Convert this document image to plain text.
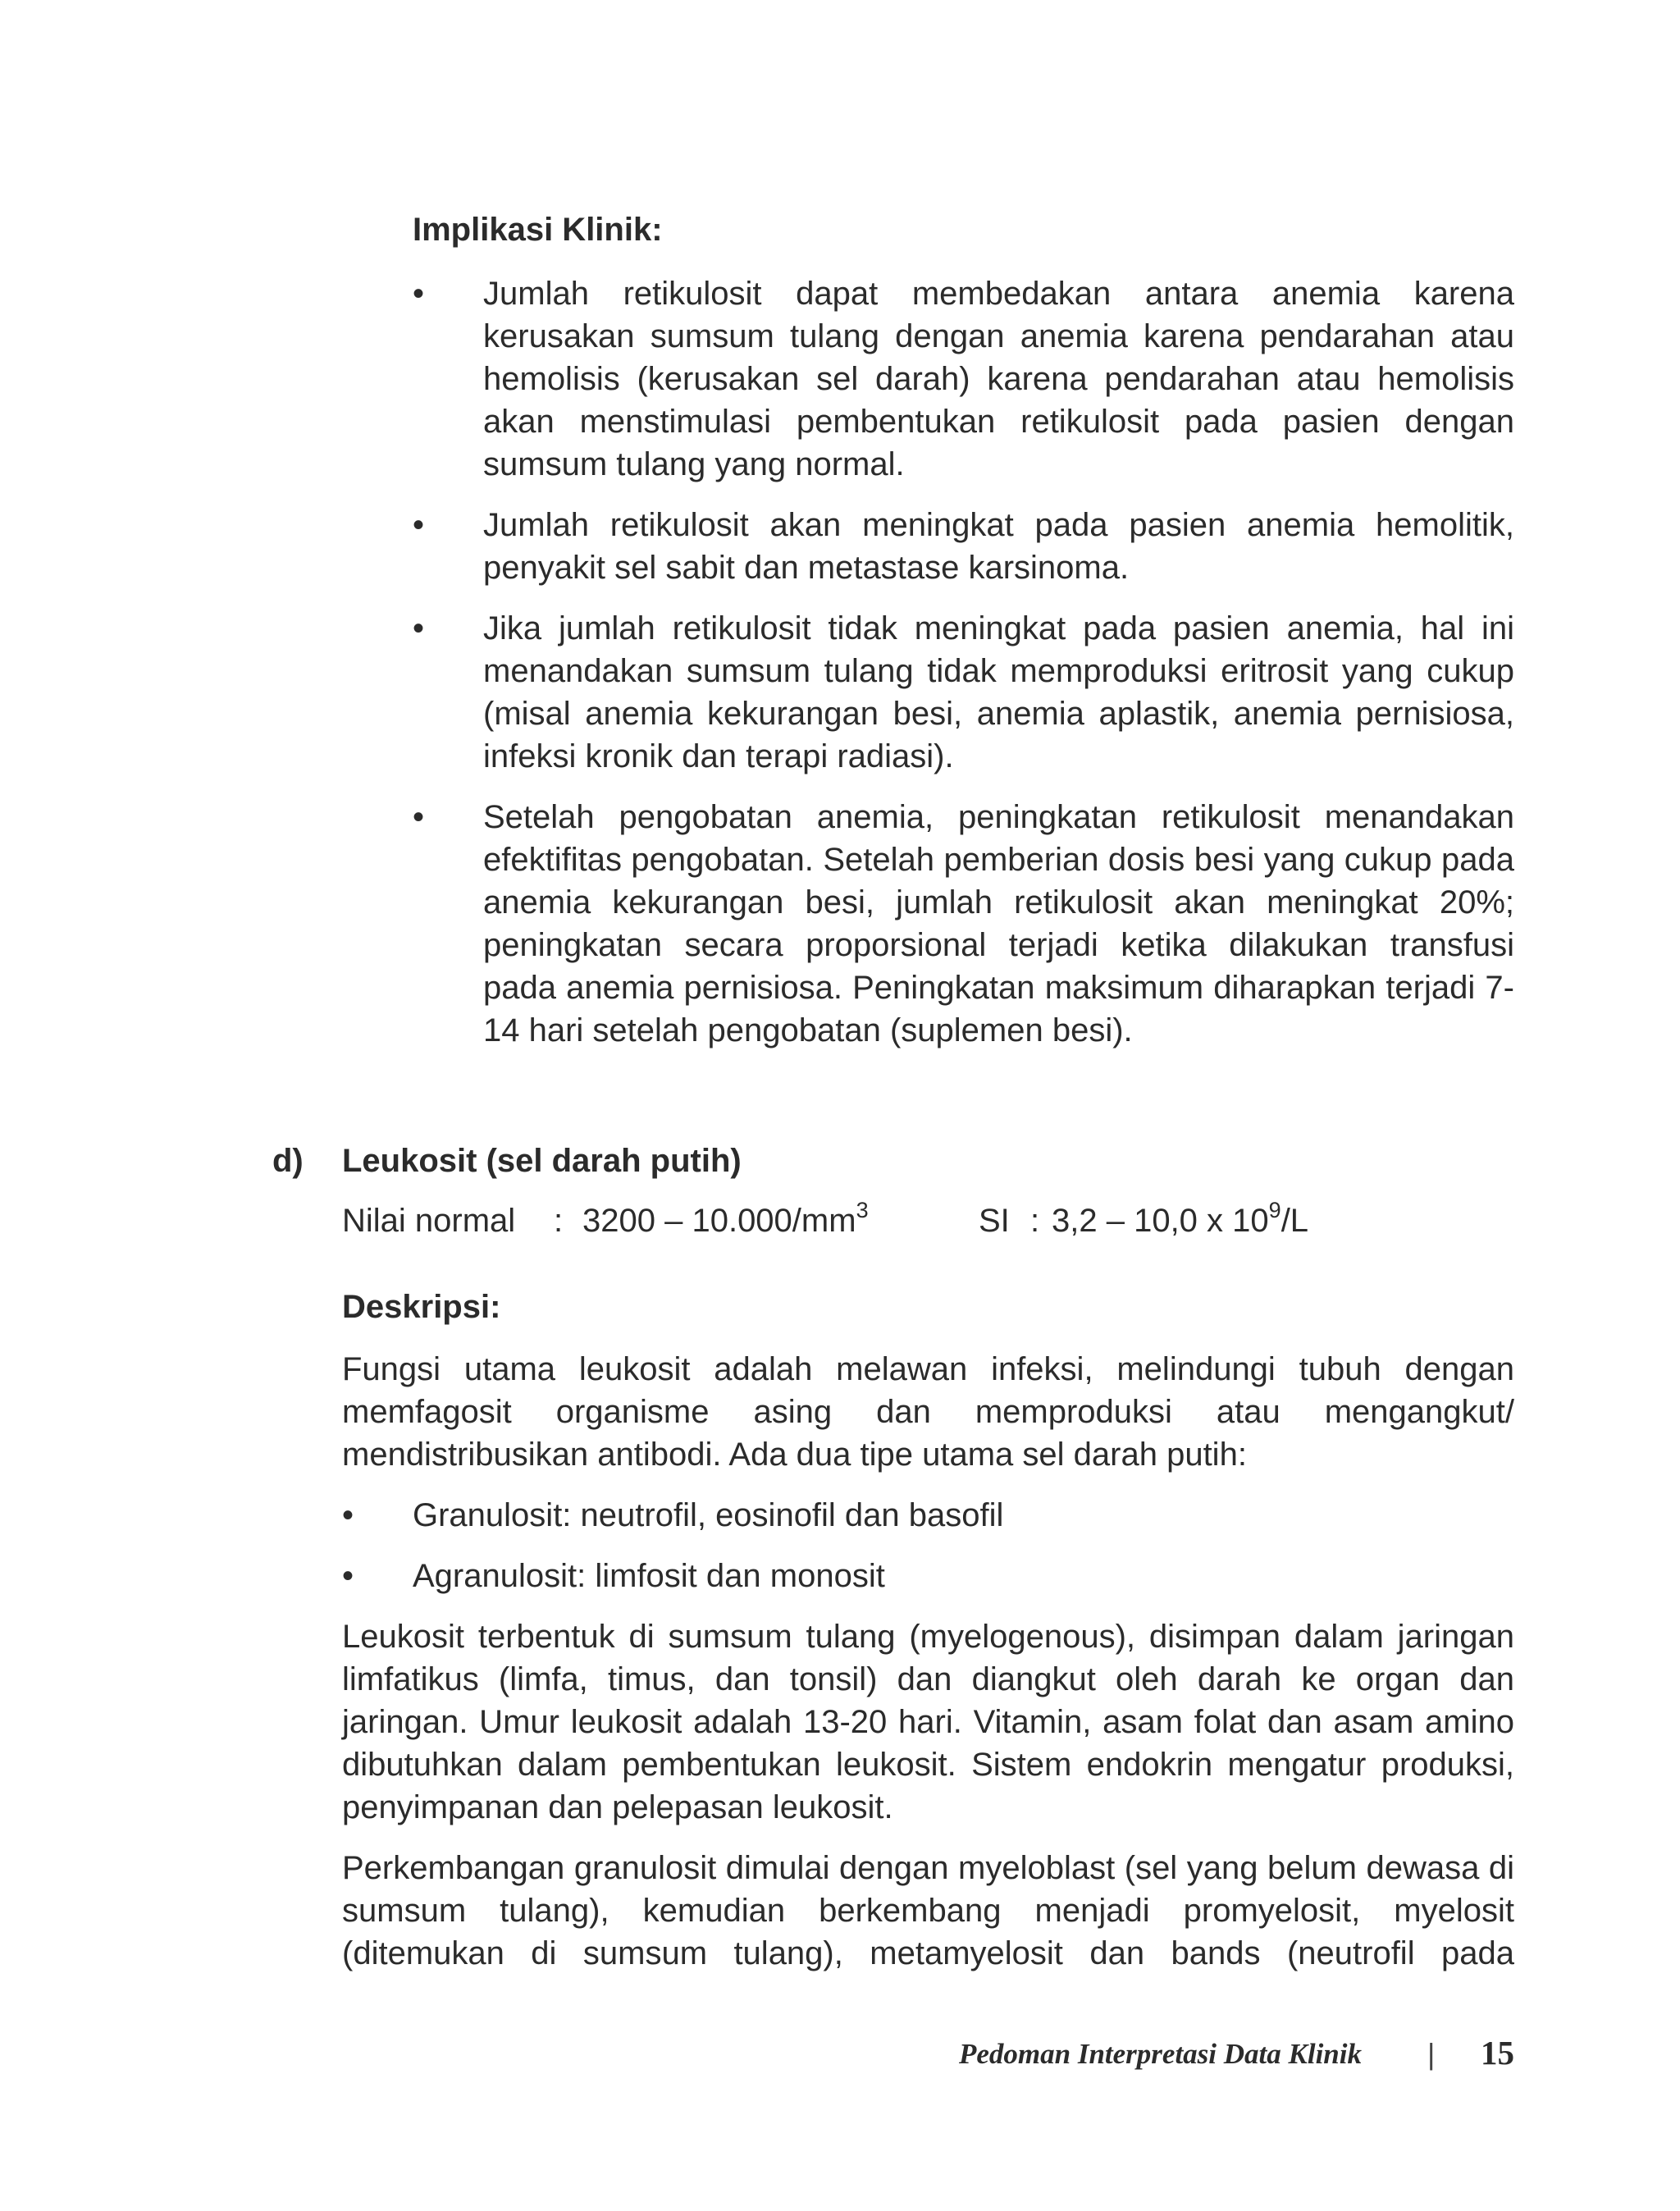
Implikasi Klinik:
• Jumlah retikulosit dapat membedakan antara anemia karena kerusakan sumsum tulang dengan anemia karena pendarahan atau hemolisis (kerusakan sel darah) karena pendarahan atau hemolisis akan menstimulasi pembentukan retikulosit pada pasien dengan sumsum tulang yang normal.

• Jumlah retikulosit akan meningkat pada pasien anemia hemolitik, penyakit sel sabit dan metastase karsinoma.

• Jika jumlah retikulosit tidak meningkat pada pasien anemia, hal ini menandakan sumsum tulang tidak memproduksi eritrosit yang cukup (misal anemia kekurangan besi, anemia aplastik, anemia pernisiosa, infeksi kronik dan terapi radiasi).

• Setelah pengobatan anemia, peningkatan retikulosit menandakan efektifitas pengobatan. Setelah pemberian dosis besi yang cukup pada anemia kekurangan besi, jumlah retikulosit akan meningkat 20%; peningkatan secara proporsional terjadi ketika dilakukan transfusi pada anemia pernisiosa. Peningkatan maksimum diharapkan terjadi 7-14 hari setelah pengobatan (suplemen besi).

d) Leukosit (sel darah putih)
Nilai normal : $3200 - 10.000/mm^3$	SI : 3,2 – 10,0 x $10^9/L$
Deskripsi:

Fungsi utama leukosit adalah melawan infeksi, melindungi tubuh dengan memfagosit organisme asing dan memproduksi atau mengangkut/ mendistribusikan antibodi. Ada dua tipe utama sel darah putih:

• Granulosit: neutrofil, eosinofil dan basofil
• Agranulosit: limfosit dan monosit

Leukosit terbentuk di sumsum tulang (myelogenous), disimpan dalam jaringan limfatikus (limfa, timus, dan tonsil) dan diangkut oleh darah ke organ dan jaringan. Umur leukosit adalah 13-20 hari. Vitamin, asam folat dan asam amino dibutuhkan dalam pembentukan leukosit. Sistem endokrin mengatur produksi, penyimpanan dan pelepasan leukosit.

Perkembangan granulosit dimulai dengan myeloblast (sel yang belum dewasa di sumsum tulang), kemudian berkembang menjadi promyelosit, myelosit (ditemukan di sumsum tulang), metamyelosit dan bands (neutrofil pada

Pedoman Interpretasi Data Klinik |	15
